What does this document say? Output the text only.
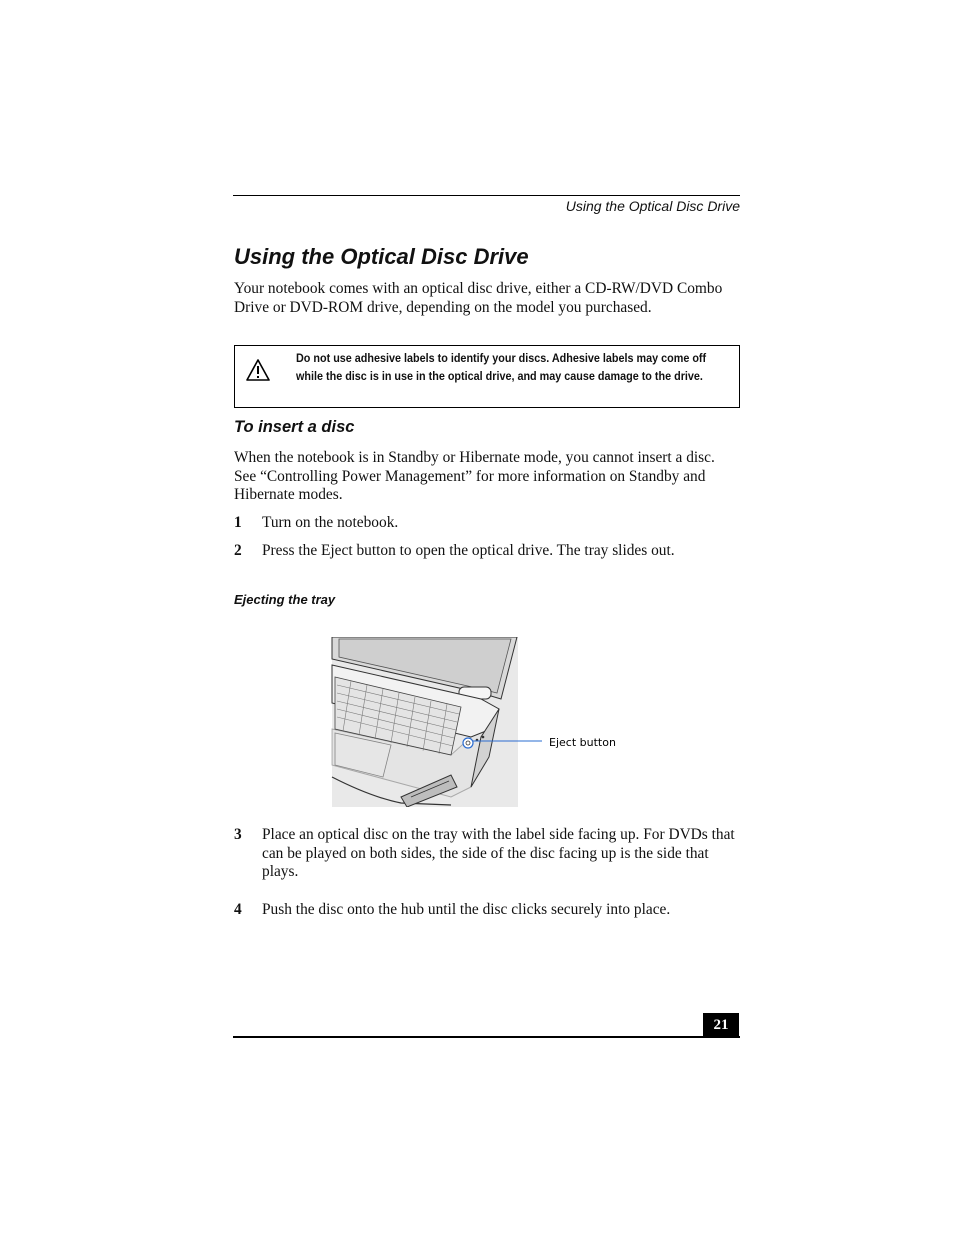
Using the Optical Disc Drive
Using the Optical Disc Drive

Your notebook comes with an optical disc drive, either a CD-RW/DVD Combo Drive or DVD-ROM drive, depending on the model you purchased.

Do not use adhesive labels to identify your discs. Adhesive labels may come off while the disc is in use in the optical drive, and may cause damage to the drive.

To insert a disc

When the notebook is in Standby or Hibernate mode, you cannot insert a disc. See “Controlling Power Management” for more information on Standby and Hibernate modes.

1 Turn on the notebook.

2 Press the Eject button to open the optical drive. The tray slides out.

Ejecting the tray

Eject button
3 Place an optical disc on the tray with the label side facing up. For DVDs that can be played on both sides, the side of the disc facing up is the side that plays.

4 Push the disc onto the hub until the disc clicks securely into place.

21
